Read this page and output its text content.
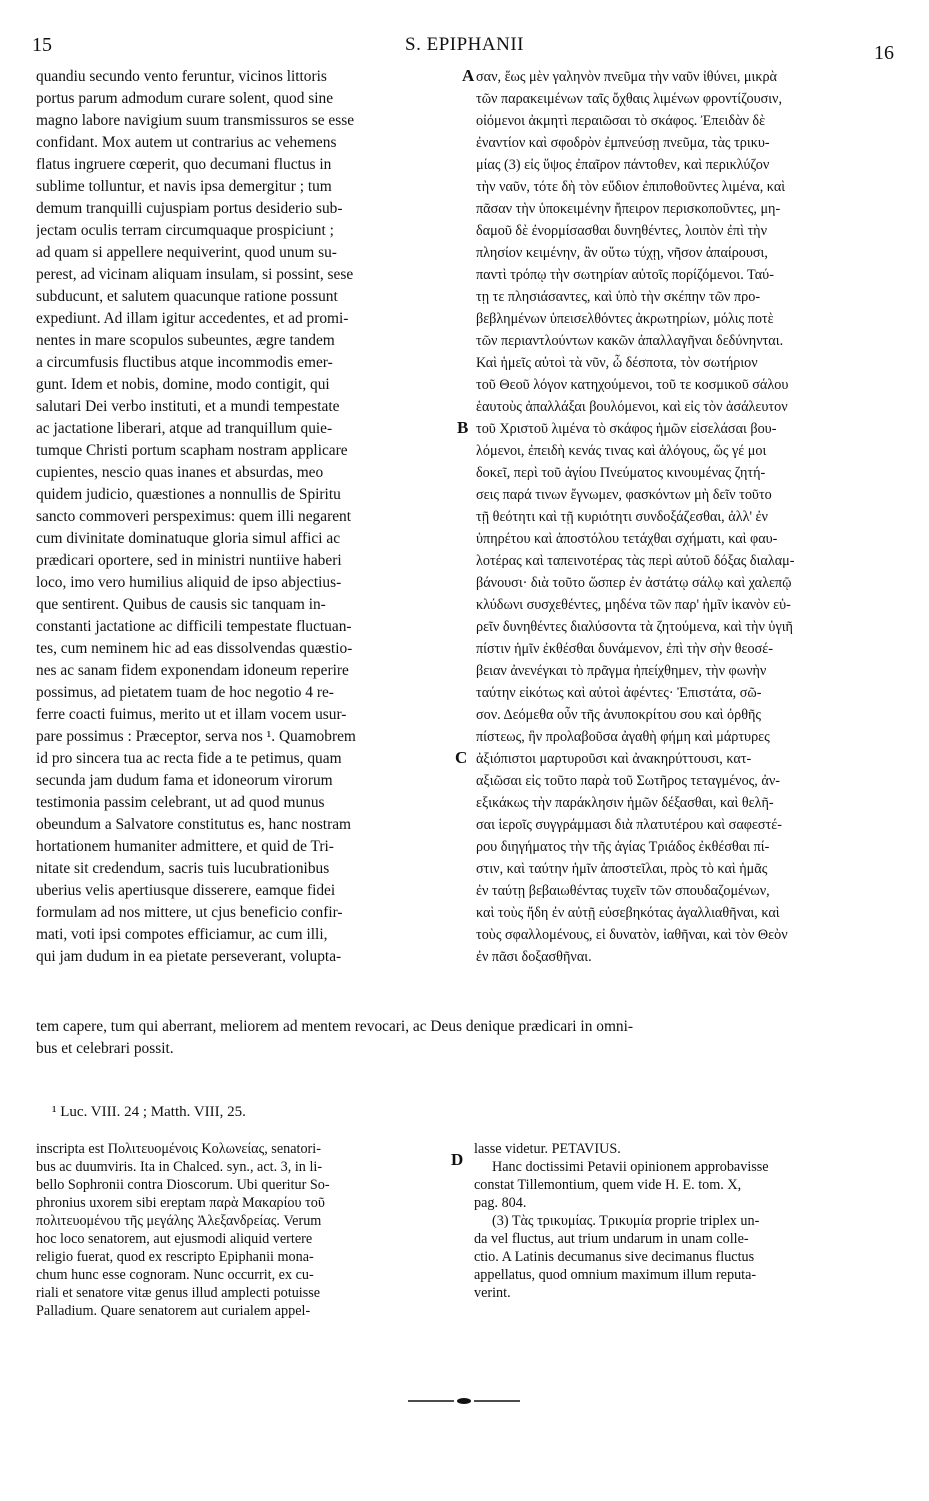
15	S. EPIPHANII	16
quandiu secundo vento feruntur, vicinos littoris
portus parum admodum curare solent, quod sine
magno labore navigium suum transmissuros se esse
confidant. Mox autem ut contrarius ac vehemens
flatus ingruere cœperit, quo decumani fluctus in
sublime tolluntur, et navis ipsa demergitur ; tum
demum tranquilli cujuspiam portus desiderio sub-
jectam oculis terram circumquaque prospiciunt ;
ad quam si appellere nequiverint, quod unum su-
perest, ad vicinam aliquam insulam, si possint, sese
subducunt, et salutem quacunque ratione possunt
expediunt. Ad illam igitur accedentes, et ad promi-
nentes in mare scopulos subeuntes, ægre tandem
a circumfusis fluctibus atque incommodis emer-
gunt. Idem et nobis, domine, modo contigit, qui
salutari Dei verbo instituti, et a mundi tempestate
ac jactatione liberari, atque ad tranquillum quie-
tumque Christi portum scapham nostram applicare
cupientes, nescio quas inanes et absurdas, meo
quidem judicio, quæstiones a nonnullis de Spiritu
sancto commoveri perspeximus: quem illi negarent
cum divinitate dominatuque gloria simul affici ac
prædicari oportere, sed in ministri nuntiive haberi
loco, imo vero humilius aliquid de ipso abjectius-
que sentirent. Quibus de causis sic tanquam in-
constanti jactatione ac difficili tempestate fluctuan-
tes, cum neminem hic ad eas dissolvendas quæstio-
nes ac sanam fidem exponendam idoneum reperire
possimus, ad pietatem tuam de hoc negotio 4 re-
ferre coacti fuimus, merito ut et illam vocem usur-
pare possimus : Præceptor, serva nos ¹. Quamobrem
id pro sincera tua ac recta fide a te petimus, quam
secunda jam dudum fama et idoneorum virorum
testimonia passim celebrant, ut ad quod munus
obeundum a Salvatore constitutus es, hanc nostram
hortationem humaniter admittere, et quid de Tri-
nitate sit credendum, sacris tuis lucubrationibus
uberius velis apertiusque disserere, eamque fidei
formulam ad nos mittere, ut cjus beneficio confir-
mati, voti ipsi compotes efficiamur, ac cum illi,
qui jam dudum in ea pietate perseverant, volupta-
σαν, ἕως μὲν γαληνὸν πνεῦμα τὴν ναῦν ἰθύνει, μικρὰ
τῶν παρακειμένων ταῖς ὄχθαις λιμένων φροντίζουσιν,
οἰόμενοι ἀκμητὶ περαιῶσαι τὸ σκάφος. Ἐπειδὰν δὲ
ἐναντίον καὶ σφοδρὸν ἐμπνεύσῃ πνεῦμα, τὰς τρικυ-
μίας (3) εἰς ὕψος ἐπαῖρον πάντοθεν, καὶ περικλύζον
τὴν ναῦν, τότε δὴ τὸν εὔδιον ἐπιποθοῦντες λιμένα, καὶ
πᾶσαν τὴν ὑποκειμένην ἤπειρον περισκοποῦντες, μη-
δαμοῦ δὲ ἐνορμίσασθαι δυνηθέντες, λοιπὸν ἐπὶ τὴν
πλησίον κειμένην, ἂν οὕτω τύχῃ, νῆσον ἀπαίρουσι,
παντὶ τρόπῳ τὴν σωτηρίαν αὐτοῖς πορίζόμενοι. Ταύ-
τῃ τε πλησιάσαντες, καὶ ὑπὸ τὴν σκέπην τῶν προ-
βεβλημένων ὑπεισελθόντες ἀκρωτηρίων, μόλις ποτὲ
τῶν περιαντλούντων κακῶν ἀπαλλαγῆναι δεδύνηνται.
Καὶ ἡμεῖς αὐτοὶ τὰ νῦν, ὦ δέσποτα, τὸν σωτήριον
τοῦ Θεοῦ λόγον κατηχούμενοι, τοῦ τε κοσμικοῦ σάλου
ἑαυτοὺς ἀπαλλάξαι βουλόμενοι, καὶ εἰς τὸν ἀσάλευτον
τοῦ Χριστοῦ λιμένα τὸ σκάφος ἡμῶν εἰσελάσαι βου-
λόμενοι, ἐπειδὴ κενάς τινας καὶ ἀλόγους, ὥς γέ μοι
δοκεῖ, περὶ τοῦ ἁγίου Πνεύματος κινουμένας ζητή-
σεις παρά τινων ἔγνωμεν, φασκόντων μὴ δεῖν τοῦτο
τῇ θεότητι καὶ τῇ κυριότητι συνδοξάζεσθαι, ἀλλ' ἐν
ὑπηρέτου καὶ ἀποστόλου τετάχθαι σχήματι, καὶ φαυ-
λοτέρας καὶ ταπεινοτέρας τὰς περὶ αὐτοῦ δόξας διαλαμ-
βάνουσι· διὰ τοῦτο ὥσπερ ἐν ἀστάτῳ σάλῳ καὶ χαλεπῷ
κλύδωνι συσχεθέντες, μηδένα τῶν παρ' ἡμῖν ἱκανὸν εὑ-
ρεῖν δυνηθέντες διαλύσοντα τὰ ζητούμενα, καὶ τὴν ὑγιῆ
πίστιν ἡμῖν ἐκθέσθαι δυνάμενον, ἐπὶ τὴν σὴν θεοσέ-
βειαν ἀνενέγκαι τὸ πρᾶγμα ἠπείχθημεν, τὴν φωνὴν
ταύτην εἰκότως καὶ αὐτοὶ ἀφέντες· Ἐπιστάτα, σῶ-
σον. Δεόμεθα οὖν τῆς ἀνυποκρίτου σου καὶ ὀρθῆς
πίστεως, ἣν προλαβοῦσα ἀγαθὴ φήμη καὶ μάρτυρες
ἀξιόπιστοι μαρτυροῦσι καὶ ἀνακηρύττουσι, κατ-
αξιῶσαι εἰς τοῦτο παρὰ τοῦ Σωτῆρος τεταγμένος, ἀν-
εξικάκως τὴν παράκλησιν ἡμῶν δέξασθαι, καὶ θελῆ-
σαι ἱεροῖς συγγράμμασι διὰ πλατυτέρου καὶ σαφεστέ-
ρου διηγήματος τὴν τῆς ἁγίας Τριάδος ἐκθέσθαι πί-
στιν, καὶ ταύτην ἡμῖν ἀποστεῖλαι, πρὸς τὸ καὶ ἡμᾶς
ἐν ταύτῃ βεβαιωθέντας τυχεῖν τῶν σπουδαζομένων,
καὶ τοὺς ἤδη ἐν αὐτῇ εὐσεβηκότας ἀγαλλιαθῆναι, καὶ
τοὺς σφαλλομένους, εἰ δυνατὸν, ἰαθῆναι, καὶ τὸν Θεὸν
ἐν πᾶσι δοξασθῆναι.
A
B
C
D
tem capere, tum qui aberrant, meliorem ad mentem revocari, ac Deus denique prædicari in omni-
bus et celebrari possit.
¹ Luc. VIII. 24 ; Matth. VIII, 25.
inscripta est Πολιτευομένοις Κολωνείας, senatori-
bus ac duumviris. Ita in Chalced. syn., act. 3, in li-
bello Sophronii contra Dioscorum. Ubi queritur So-
phronius uxorem sibi ereptam παρὰ Μακαρίου τοῦ
πολιτευομένου τῆς μεγάλης Ἀλεξανδρείας. Verum
hoc loco senatorem, aut ejusmodi aliquid vertere
religio fuerat, quod ex rescripto Epiphanii mona-
chum hunc esse cognoram. Nunc occurrit, ex cu-
riali et senatore vitæ genus illud amplecti potuisse
Palladium. Quare senatorem aut curialem appel-
lasse videtur. PETAVIUS.
Hanc doctissimi Petavii opinionem approbavisse
constat Tillemontium, quem vide H. E. tom. X,
pag. 804.
(3) Τὰς τρικυμίας. Τρικυμία proprie triplex un-
da vel fluctus, aut trium undarum in unam colle-
ctio. A Latinis decumanus sive decimanus fluctus
appellatus, quod omnium maximum illum reputa-
verint.
